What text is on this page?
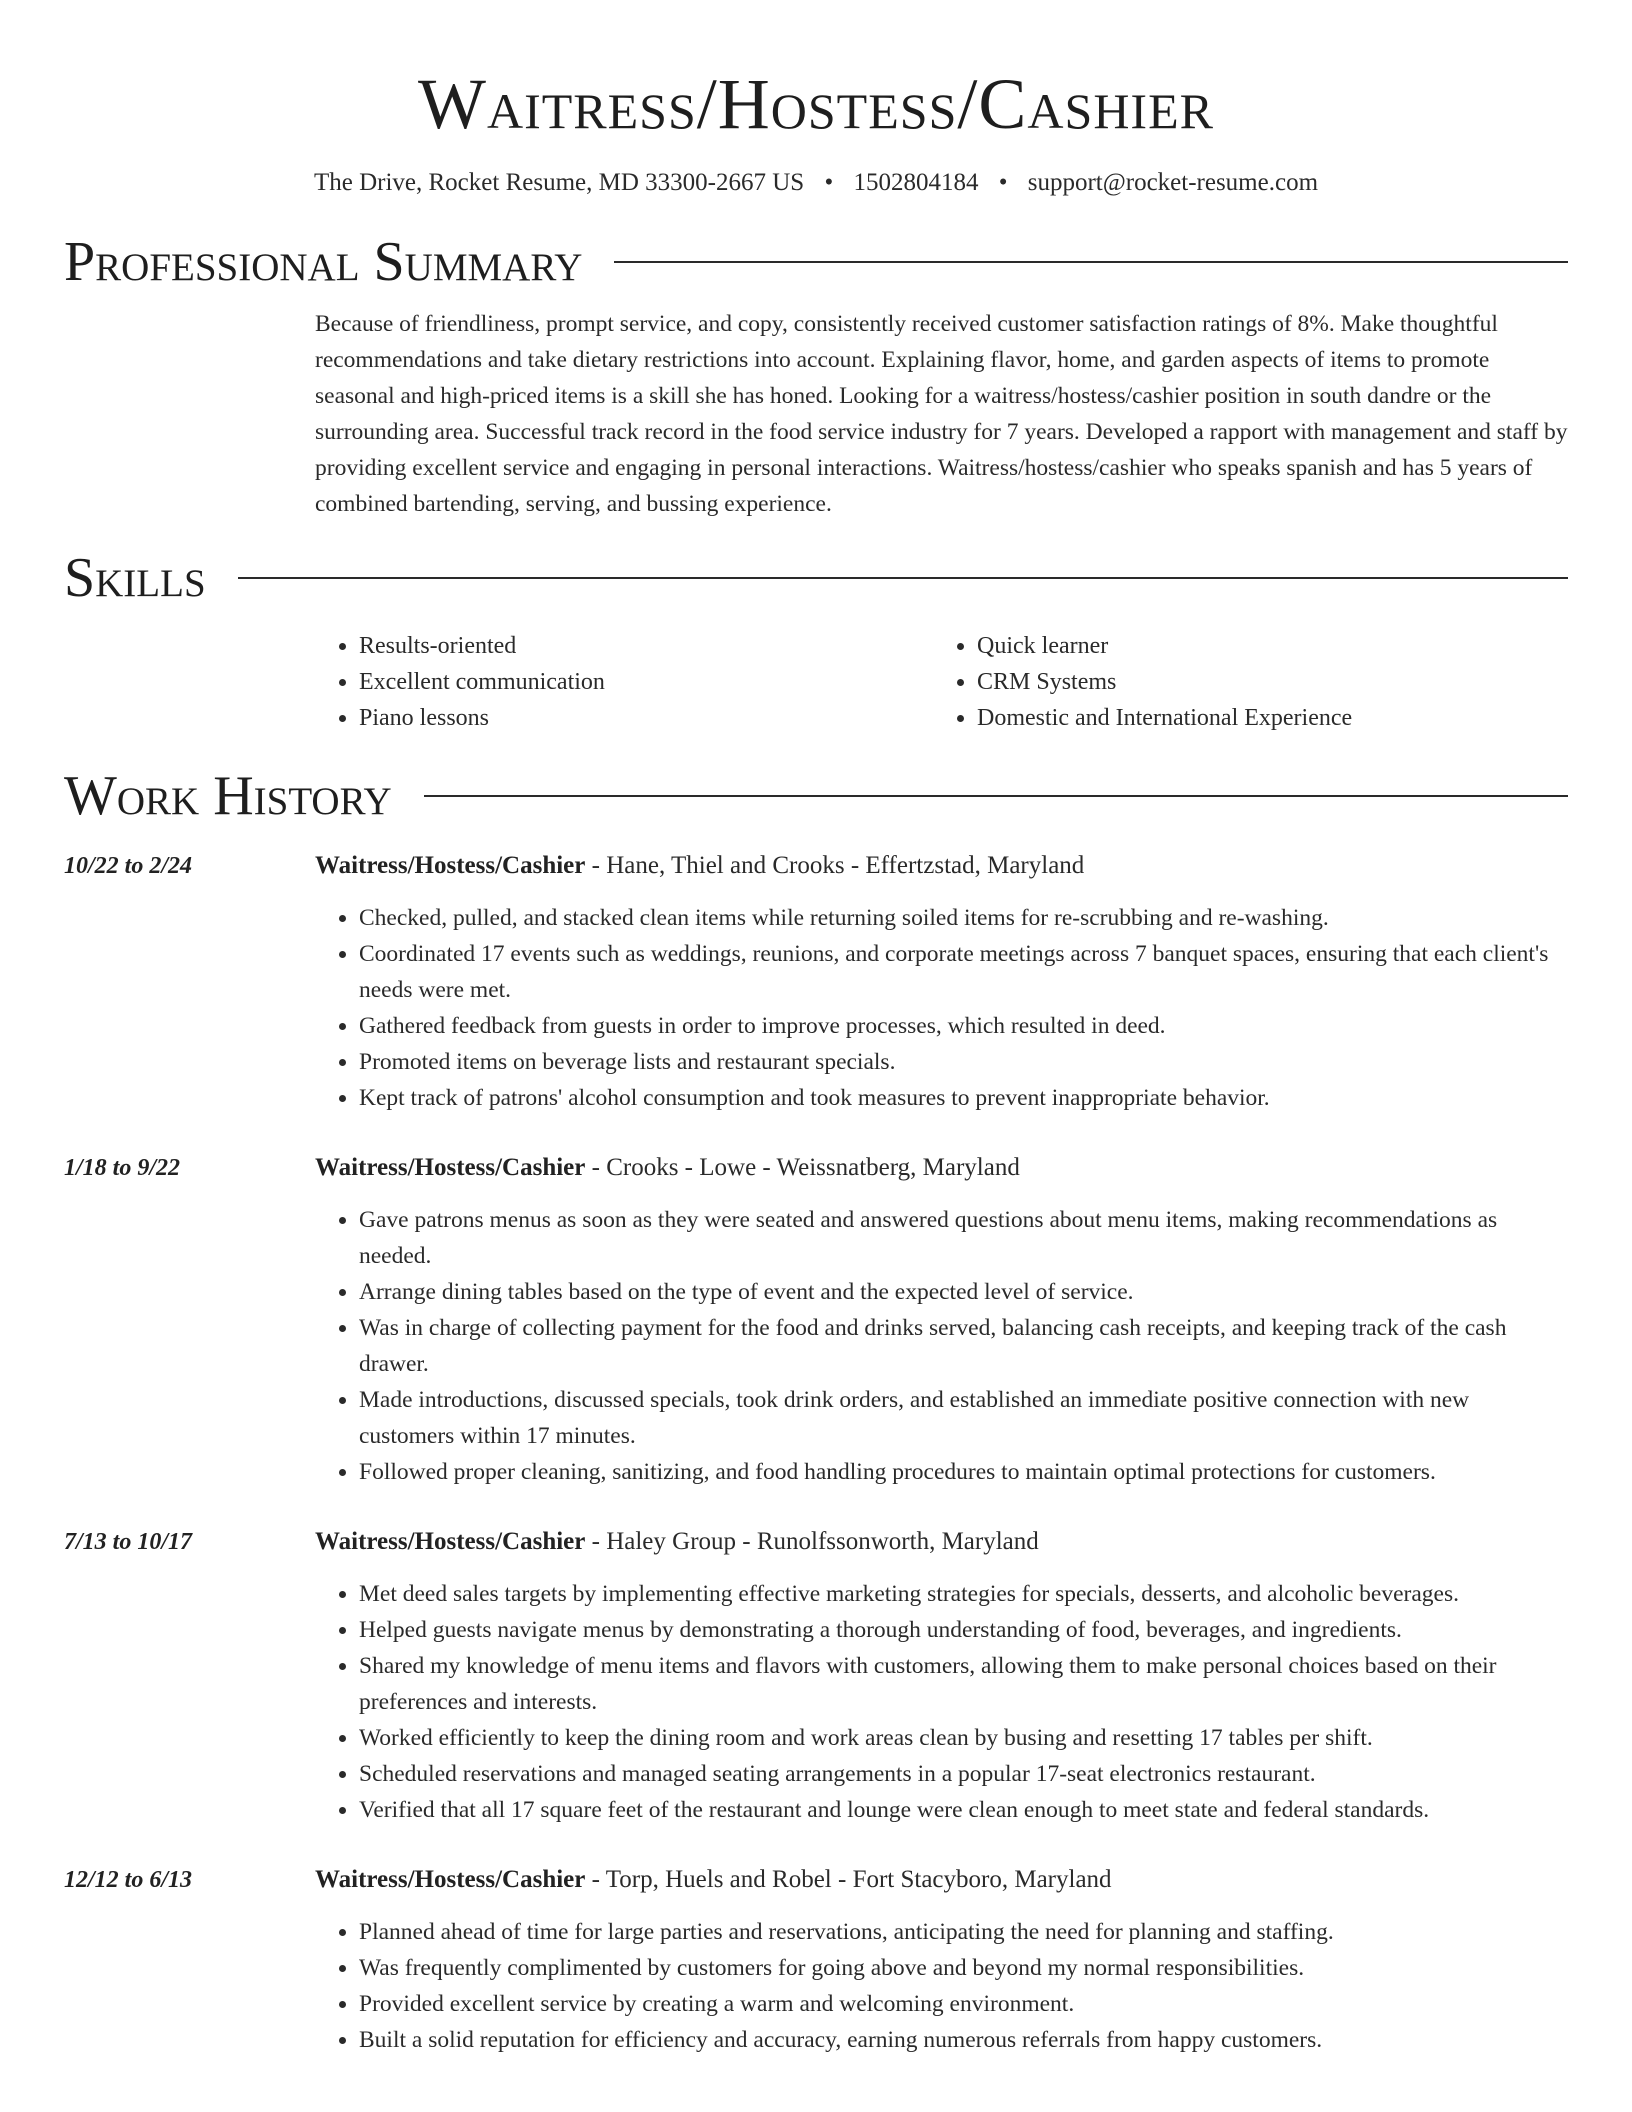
Waitress/Hostess/Cashier
The Drive, Rocket Resume, MD 33300-2667 US • 1502804184 • support@rocket-resume.com
Professional Summary
Because of friendliness, prompt service, and copy, consistently received customer satisfaction ratings of 8%. Make thoughtful recommendations and take dietary restrictions into account. Explaining flavor, home, and garden aspects of items to promote seasonal and high-priced items is a skill she has honed. Looking for a waitress/hostess/cashier position in south dandre or the surrounding area. Successful track record in the food service industry for 7 years. Developed a rapport with management and staff by providing excellent service and engaging in personal interactions. Waitress/hostess/cashier who speaks spanish and has 5 years of combined bartending, serving, and bussing experience.
Skills
• Results-oriented
• Excellent communication
• Piano lessons
• Quick learner
• CRM Systems
• Domestic and International Experience
Work History
10/22 to 2/24	Waitress/Hostess/Cashier - Hane, Thiel and Crooks - Effertzstad, Maryland
• Checked, pulled, and stacked clean items while returning soiled items for re-scrubbing and re-washing.
• Coordinated 17 events such as weddings, reunions, and corporate meetings across 7 banquet spaces, ensuring that each client's needs were met.
• Gathered feedback from guests in order to improve processes, which resulted in deed.
• Promoted items on beverage lists and restaurant specials.
• Kept track of patrons' alcohol consumption and took measures to prevent inappropriate behavior.
1/18 to 9/22	Waitress/Hostess/Cashier - Crooks - Lowe - Weissnatberg, Maryland
• Gave patrons menus as soon as they were seated and answered questions about menu items, making recommendations as needed.
• Arrange dining tables based on the type of event and the expected level of service.
• Was in charge of collecting payment for the food and drinks served, balancing cash receipts, and keeping track of the cash drawer.
• Made introductions, discussed specials, took drink orders, and established an immediate positive connection with new customers within 17 minutes.
• Followed proper cleaning, sanitizing, and food handling procedures to maintain optimal protections for customers.
7/13 to 10/17	Waitress/Hostess/Cashier - Haley Group - Runolfssonworth, Maryland
• Met deed sales targets by implementing effective marketing strategies for specials, desserts, and alcoholic beverages.
• Helped guests navigate menus by demonstrating a thorough understanding of food, beverages, and ingredients.
• Shared my knowledge of menu items and flavors with customers, allowing them to make personal choices based on their preferences and interests.
• Worked efficiently to keep the dining room and work areas clean by busing and resetting 17 tables per shift.
• Scheduled reservations and managed seating arrangements in a popular 17-seat electronics restaurant.
• Verified that all 17 square feet of the restaurant and lounge were clean enough to meet state and federal standards.
12/12 to 6/13	Waitress/Hostess/Cashier - Torp, Huels and Robel - Fort Stacyboro, Maryland
• Planned ahead of time for large parties and reservations, anticipating the need for planning and staffing.
• Was frequently complimented by customers for going above and beyond my normal responsibilities.
• Provided excellent service by creating a warm and welcoming environment.
• Built a solid reputation for efficiency and accuracy, earning numerous referrals from happy customers.
